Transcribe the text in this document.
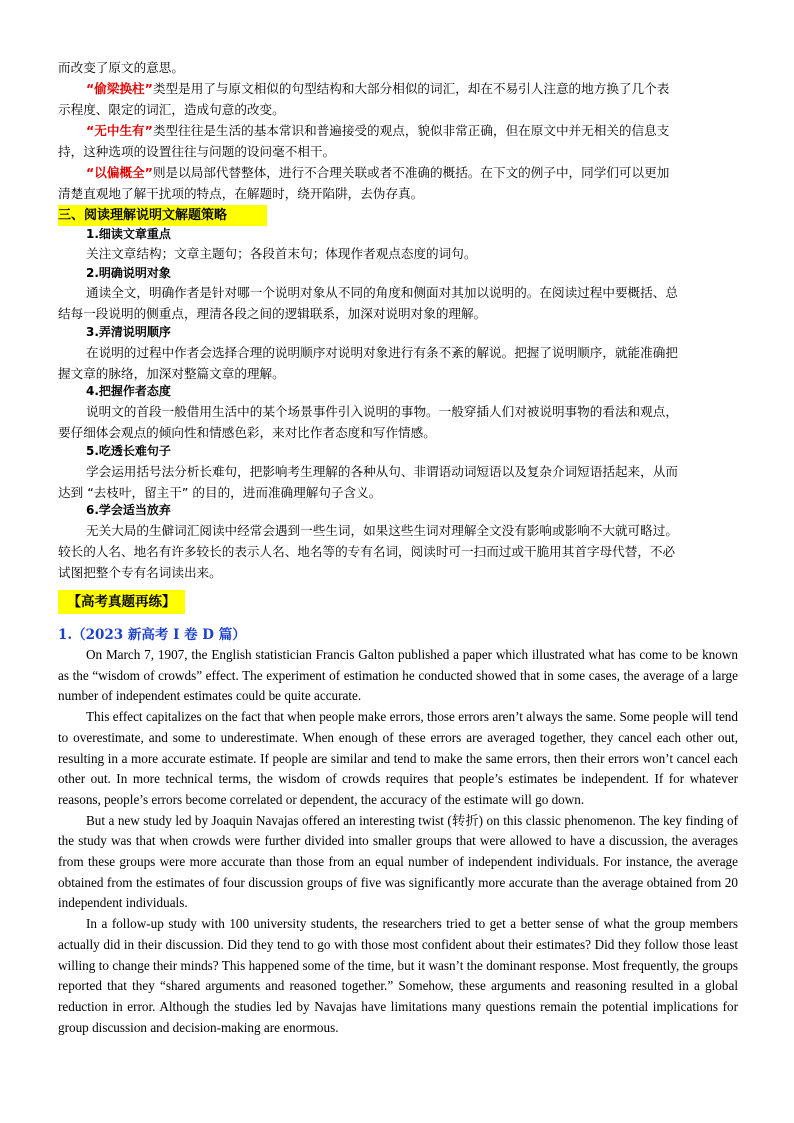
而改变了原文的意思。
“偷梁换柱”类型是用了与原文相似的句型结构和大部分相似的词汇，却在不易引人注意的地方换了几个表
示程度、限定的词汇，造成句意的改变。
“无中生有”类型往往是生活的基本常识和普遍接受的观点，貌似非常正确，但在原文中并无相关的信息支
持，这种选项的设置往往与问题的设问毫不相干。
“以偏概全”则是以局部代替整体，进行不合理关联或者不准确的概括。在下文的例子中，同学们可以更加
清楚直观地了解干扰项的特点，在解题时，绕开陷阱，去伪存真。
三、阅读理解说明文解题策略
1.细读文章重点
关注文章结构；文章主题句；各段首末句；体现作者观点态度的词句。
2.明确说明对象
通读全文，明确作者是针对哪一个说明对象从不同的角度和侧面对其加以说明的。在阅读过程中要概括、总
结每一段说明的侧重点，理清各段之间的逻辑联系，加深对说明对象的理解。
3.弄清说明顺序
在说明的过程中作者会选择合理的说明顺序对说明对象进行有条不紊的解说。把握了说明顺序，就能准确把
握文章的脉络，加深对整篇文章的理解。
4.把握作者态度
说明文的首段一般借用生活中的某个场景事件引入说明的事物。一般穿插人们对被说明事物的看法和观点，
要仔细体会观点的倾向性和情感色彩，来对比作者态度和写作情感。
5.吃透长难句子
学会运用括号法分析长难句，把影响考生理解的各种从句、非谓语动词短语以及复杂介词短语括起来，从而
达到 “去枝叶，留主干” 的目的，进而准确理解句子含义。
6.学会适当放弃
无关大局的生僻词汇阅读中经常会遇到一些生词，如果这些生词对理解全文没有影响或影响不大就可略过。
较长的人名、地名有许多较长的表示人名、地名等的专有名词，阅读时可一扫而过或干脆用其首字母代替，不必
试图把整个专有名词读出来。
【高考真题再练】
1.（2023 新高考 I 卷 D 篇）

On March 7, 1907, the English statistician Francis Galton published a paper which illustrated what has come to be known as the “wisdom of crowds” effect. The experiment of estimation he conducted showed that in some cases, the average of a large number of independent estimates could be quite accurate.

This effect capitalizes on the fact that when people make errors, those errors aren’t always the same. Some people will tend to overestimate, and some to underestimate. When enough of these errors are averaged together, they cancel each other out, resulting in a more accurate estimate. If people are similar and tend to make the same errors, then their errors won’t cancel each other out. In more technical terms, the wisdom of crowds requires that people’s estimates be independent. If for whatever reasons, people’s errors become correlated or dependent, the accuracy of the estimate will go down.

But a new study led by Joaquin Navajas offered an interesting twist (转折) on this classic phenomenon. The key finding of the study was that when crowds were further divided into smaller groups that were allowed to have a discussion, the averages from these groups were more accurate than those from an equal number of independent individuals. For instance, the average obtained from the estimates of four discussion groups of five was significantly more accurate than the average obtained from 20 independent individuals.

In a follow-up study with 100 university students, the researchers tried to get a better sense of what the group members actually did in their discussion. Did they tend to go with those most confident about their estimates? Did they follow those least willing to change their minds? This happened some of the time, but it wasn’t the dominant response. Most frequently, the groups reported that they “shared arguments and reasoned together.” Somehow, these arguments and reasoning resulted in a global reduction in error. Although the studies led by Navajas have limitations many questions remain the potential implications for group discussion and decision-making are enormous.
